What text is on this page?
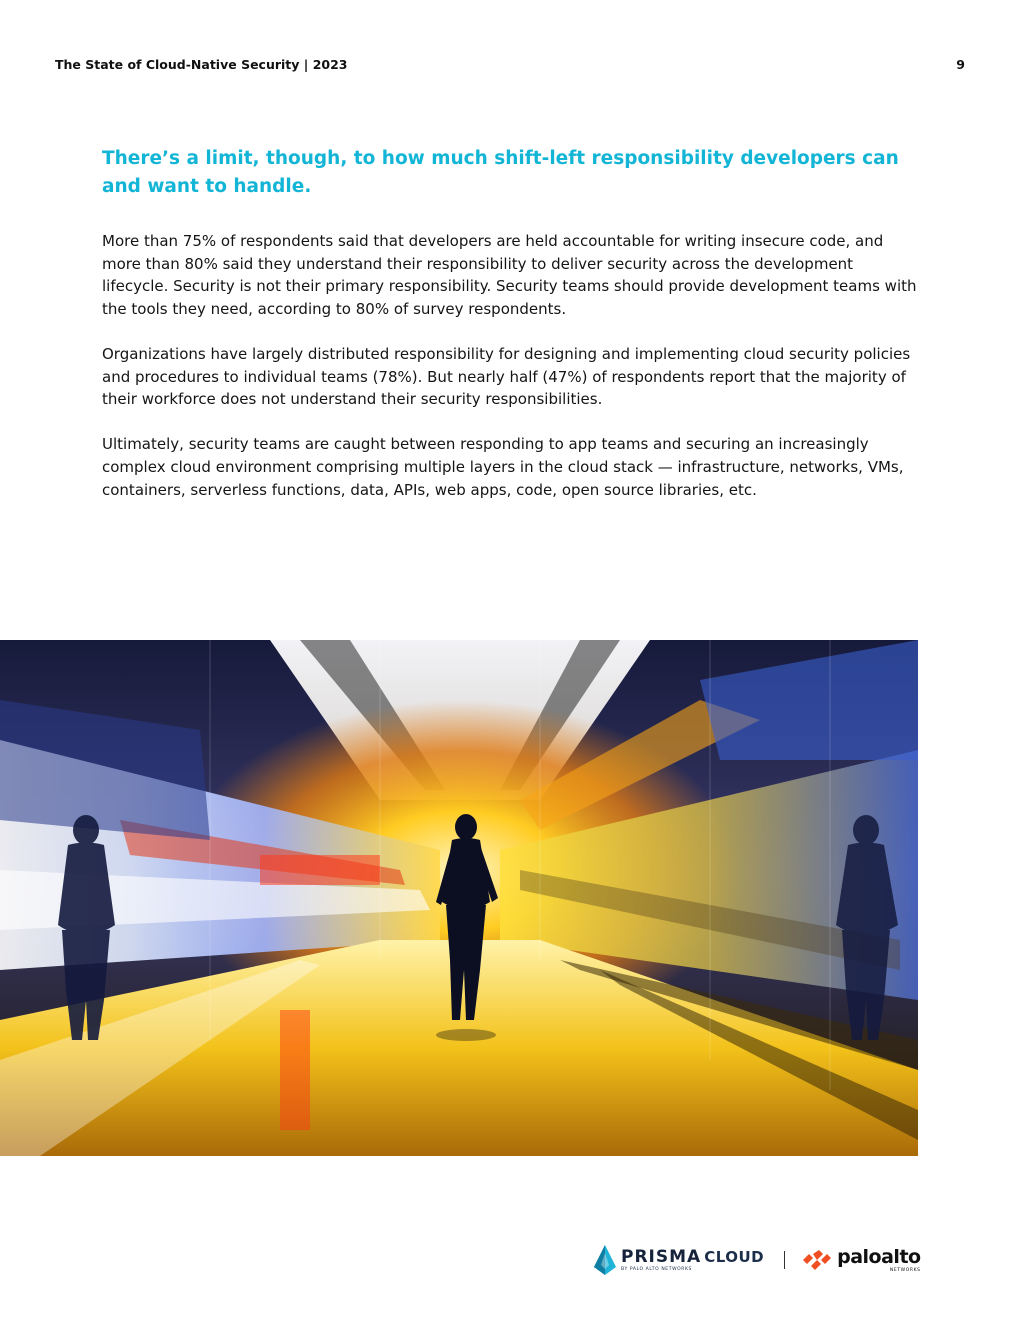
The State of Cloud-Native Security | 2023	9
There’s a limit, though, to how much shift-left responsibility developers can and want to handle.

More than 75% of respondents said that developers are held accountable for writing insecure code, and more than 80% said they understand their responsibility to deliver security across the development lifecycle. Security is not their primary responsibility. Security teams should provide development teams with the tools they need, according to 80% of survey respondents.

Organizations have largely distributed responsibility for designing and implementing cloud security policies and procedures to individual teams (78%). But nearly half (47%) of respondents report that the majority of their workforce does not understand their security responsibilities.

Ultimately, security teams are caught between responding to app teams and securing an increasingly complex cloud environment comprising multiple layers in the cloud stack — infrastructure, networks, VMs, containers, serverless functions, data, APIs, web apps, code, open source libraries, etc.

PRISMA CLOUD
BY PALO ALTO NETWORKS
paloalto
NETWORKS
